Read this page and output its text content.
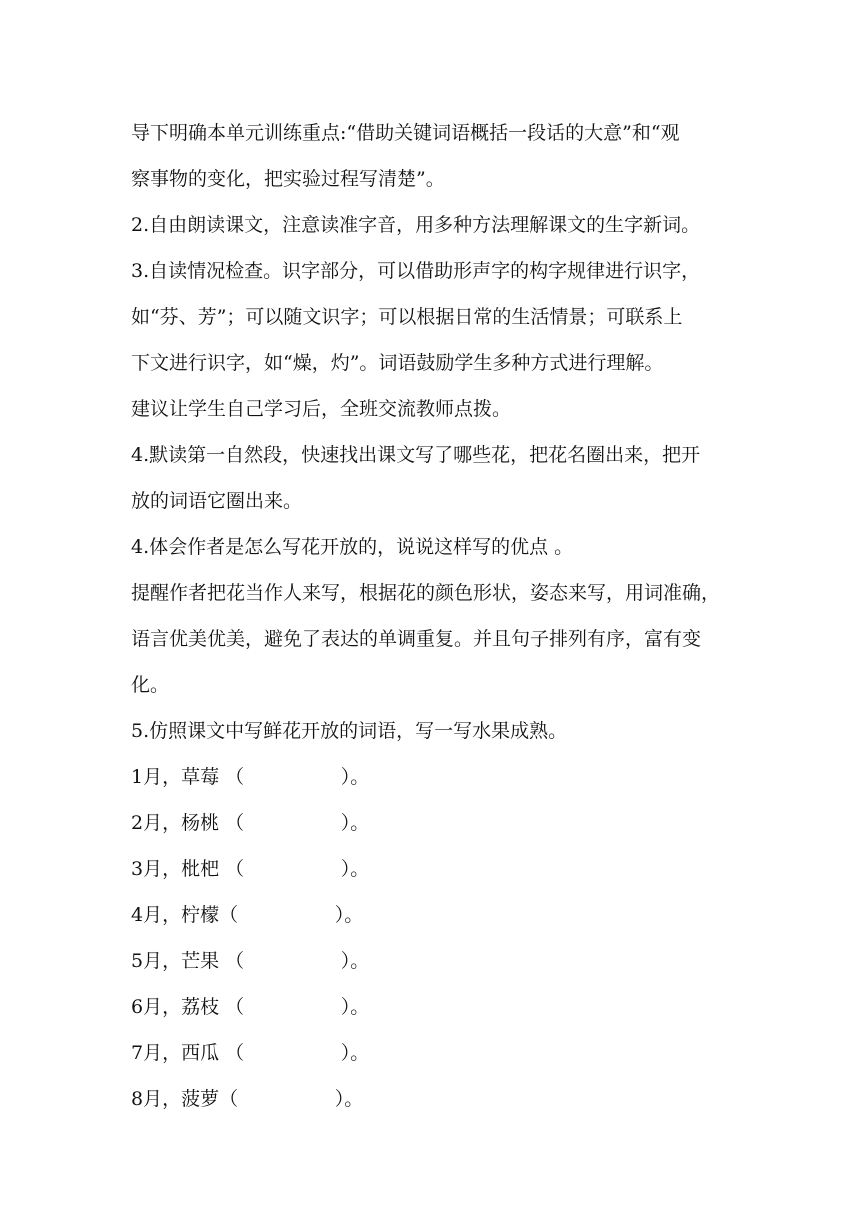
导下明确本单元训练重点:“借助关键词语概括一段话的大意”和“观
察事物的变化，把实验过程写清楚”。
2.自由朗读课文，注意读准字音，用多种方法理解课文的生字新词。
3.自读情况检查。识字部分，可以借助形声字的构字规律进行识字，
如“芬、芳”；可以随文识字；可以根据日常的生活情景；可联系上
下文进行识字，如“燥，灼”。词语鼓励学生多种方式进行理解。
建议让学生自己学习后，全班交流教师点拨。
4.默读第一自然段，快速找出课文写了哪些花，把花名圈出来，把开
放的词语它圈出来。
4.体会作者是怎么写花开放的，说说这样写的优点 。
提醒作者把花当作人来写，根据花的颜色形状，姿态来写，用词准确，
语言优美优美，避免了表达的单调重复。并且句子排列有序，富有变
化。
5.仿照课文中写鲜花开放的词语，写一写水果成熟。
1月，草莓 （                ）。
2月，杨桃 （                ）。
3月，枇杷 （                ）。
4月，柠檬（                ）。
5月，芒果 （                ）。
6月，荔枝 （                ）。
7月，西瓜 （                ）。
8月，菠萝（                ）。
